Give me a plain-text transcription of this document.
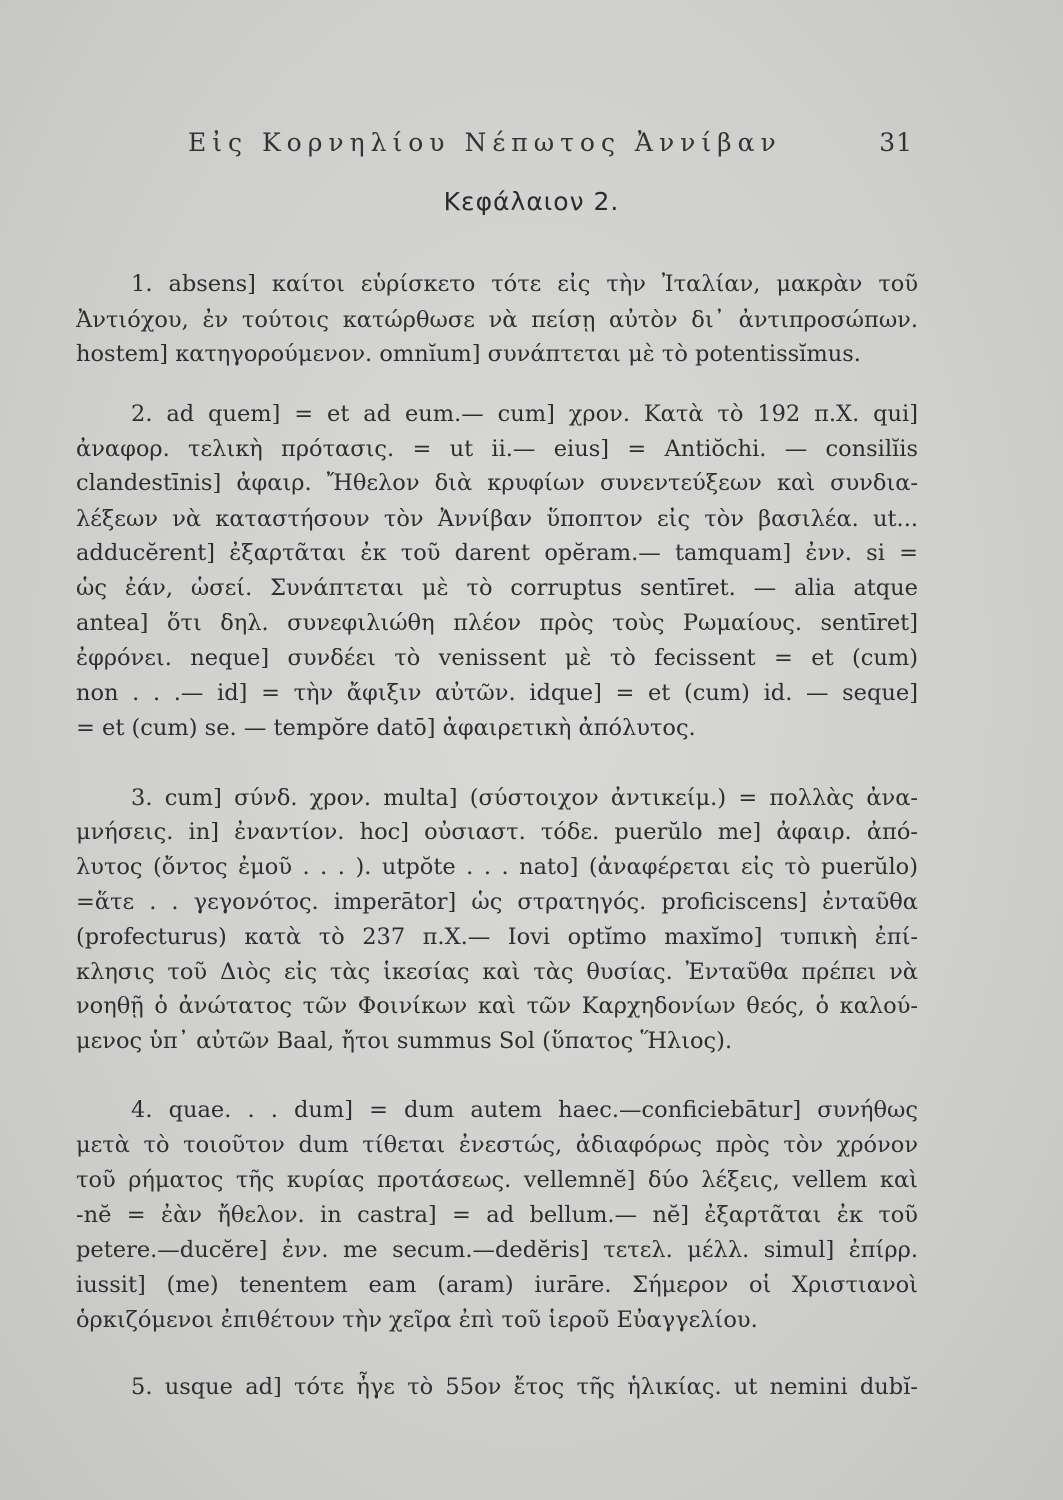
Εἰς Κορνηλίου Νέπωτος Ἀννίβαν	31
Κεφάλαιον 2.
1. absens] καίτοι εὑρίσκετο τότε εἰς τὴν Ἰταλίαν, μακρὰν τοῦ
Ἀντιόχου, ἐν τούτοις κατώρθωσε νὰ πείσῃ αὐτὸν δι᾽ ἀντιπροσώπων.
hostem] κατηγορούμενον. omnĭum] συνάπτεται μὲ τὸ potentissĭmus.
2. ad quem] = et ad eum.— cum] χρον. Κατὰ τὸ 192 π.Χ. qui]
ἀναφορ. τελικὴ πρότασις. = ut ii.— eius] = Antiŏchi. — consilĭis
clandestīnis] ἀφαιρ. Ἤθελον διὰ κρυφίων συνεντεύξεων καὶ συνδια-
λέξεων νὰ καταστήσουν τὸν Ἀννίβαν ὕποπτον εἰς τὸν βασιλέα. ut...
adducĕrent] ἐξαρτᾶται ἐκ τοῦ darent opĕram.— tamquam] ἐνν. si =
ὡς ἐάν, ὡσεί. Συνάπτεται μὲ τὸ corruptus sentīret. — alia atque
antea] ὅτι δηλ. συνεφιλιώθη πλέον πρὸς τοὺς Ρωμαίους. sentīret]
ἐφρόνει. neque] συνδέει τὸ venissent μὲ τὸ fecissent = et (cum)
non . . .— id] = τὴν ἄφιξιν αὐτῶν. idque] = et (cum) id. — seque]
= et (cum) se. — tempŏre datō] ἀφαιρετικὴ ἀπόλυτος.
3. cum] σύνδ. χρον. multa] (σύστοιχον ἀντικείμ.) = πολλὰς ἀνα-
μνήσεις. in] ἐναντίον. hoc] οὐσιαστ. τόδε. puerŭlo me] ἀφαιρ. ἀπό-
λυτος (ὄντος ἐμοῦ . . . ). utpŏte . . . nato] (ἀναφέρεται εἰς τὸ puerŭlo)
=ἅτε . . γεγονότος. imperātor] ὡς στρατηγός. proficiscens] ἐνταῦθα
(profecturus) κατὰ τὸ 237 π.Χ.— Iovi optĭmo maxĭmo] τυπικὴ ἐπί-
κλησις τοῦ Διὸς εἰς τὰς ἱκεσίας καὶ τὰς θυσίας. Ἐνταῦθα πρέπει νὰ
νοηθῇ ὁ ἀνώτατος τῶν Φοινίκων καὶ τῶν Καρχηδονίων θεός, ὁ καλού-
μενος ὑπ᾽ αὐτῶν Baal, ἤτοι summus Sol (ὕπατος Ἥλιος).
4. quae. . . dum] = dum autem haec.—conficiebātur] συνήθως
μετὰ τὸ τοιοῦτον dum τίθεται ἐνεστώς, ἀδιαφόρως πρὸς τὸν χρόνον
τοῦ ρήματος τῆς κυρίας προτάσεως. vellemnĕ] δύο λέξεις, vellem καὶ
-nĕ = ἐὰν ἤθελον. in castra] = ad bellum.— nĕ] ἐξαρτᾶται ἐκ τοῦ
petere.—ducĕre] ἐνν. me secum.—dedĕris] τετελ. μέλλ. simul] ἐπίρρ.
iussit] (me) tenentem eam (aram) iurāre. Σήμερον οἱ Χριστιανοὶ
ὁρκιζόμενοι ἐπιθέτουν τὴν χεῖρα ἐπὶ τοῦ ἱεροῦ Εὐαγγελίου.
5. usque ad] τότε ἦγε τὸ 55ον ἔτος τῆς ἡλικίας. ut nemini dubĭ-
